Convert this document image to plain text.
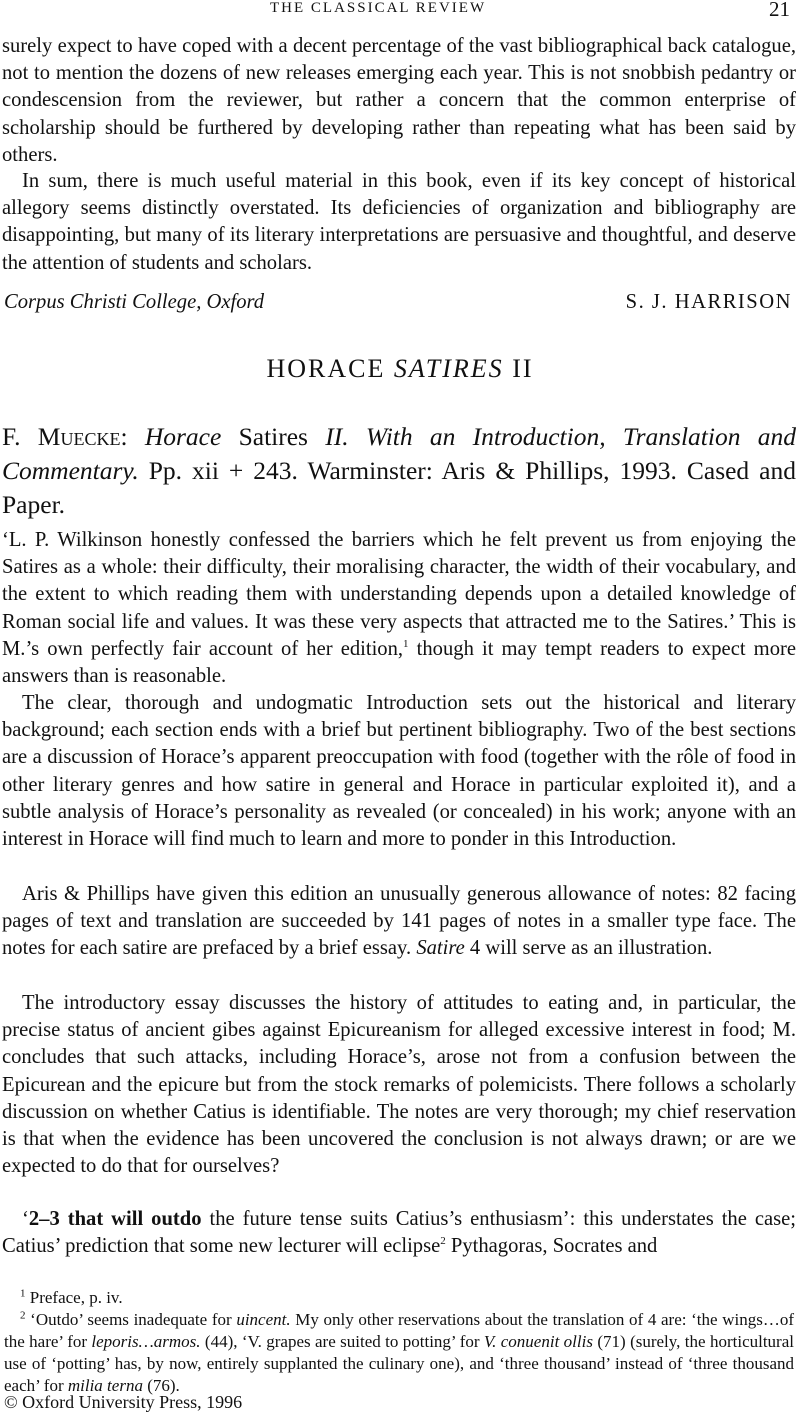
THE CLASSICAL REVIEW	21

surely expect to have coped with a decent percentage of the vast bibliographical back catalogue, not to mention the dozens of new releases emerging each year. This is not snobbish pedantry or condescension from the reviewer, but rather a concern that the common enterprise of scholarship should be furthered by developing rather than repeating what has been said by others.

In sum, there is much useful material in this book, even if its key concept of historical allegory seems distinctly overstated. Its deficiencies of organization and bibliography are disappointing, but many of its literary interpretations are persuasive and thoughtful, and deserve the attention of students and scholars.

Corpus Christi College, Oxford	S. J. HARRISON
HORACE SATIRES II
F. Muecke: Horace Satires II. With an Introduction, Translation and Commentary. Pp. xii + 243. Warminster: Aris & Phillips, 1993. Cased and Paper.

‘L. P. Wilkinson honestly confessed the barriers which he felt prevent us from enjoying the Satires as a whole: their difficulty, their moralising character, the width of their vocabulary, and the extent to which reading them with understanding depends upon a detailed knowledge of Roman social life and values. It was these very aspects that attracted me to the Satires.’ This is M.’s own perfectly fair account of her edition,$^1$ though it may tempt readers to expect more answers than is reasonable.

The clear, thorough and undogmatic Introduction sets out the historical and literary background; each section ends with a brief but pertinent bibliography. Two of the best sections are a discussion of Horace’s apparent preoccupation with food (together with the rôle of food in other literary genres and how satire in general and Horace in particular exploited it), and a subtle analysis of Horace’s personality as revealed (or concealed) in his work; anyone with an interest in Horace will find much to learn and more to ponder in this Introduction.

Aris & Phillips have given this edition an unusually generous allowance of notes: 82 facing pages of text and translation are succeeded by 141 pages of notes in a smaller type face. The notes for each satire are prefaced by a brief essay. Satire 4 will serve as an illustration.

The introductory essay discusses the history of attitudes to eating and, in particular, the precise status of ancient gibes against Epicureanism for alleged excessive interest in food; M. concludes that such attacks, including Horace’s, arose not from a confusion between the Epicurean and the epicure but from the stock remarks of polemicists. There follows a scholarly discussion on whether Catius is identifiable. The notes are very thorough; my chief reservation is that when the evidence has been uncovered the conclusion is not always drawn; or are we expected to do that for ourselves?

‘2–3 that will outdo the future tense suits Catius’s enthusiasm’: this understates the case; Catius’ prediction that some new lecturer will eclipse$^2$ Pythagoras, Socrates and

$^1$ Preface, p. iv.

$^2$ ‘Outdo’ seems inadequate for uincent. My only other reservations about the translation of 4 are: ‘the wings…of the hare’ for leporis…armos. (44), ‘V. grapes are suited to potting’ for V. conuenit ollis (71) (surely, the horticultural use of ‘potting’ has, by now, entirely supplanted the culinary one), and ‘three thousand’ instead of ‘three thousand each’ for milia terna (76).

© Oxford University Press, 1996
